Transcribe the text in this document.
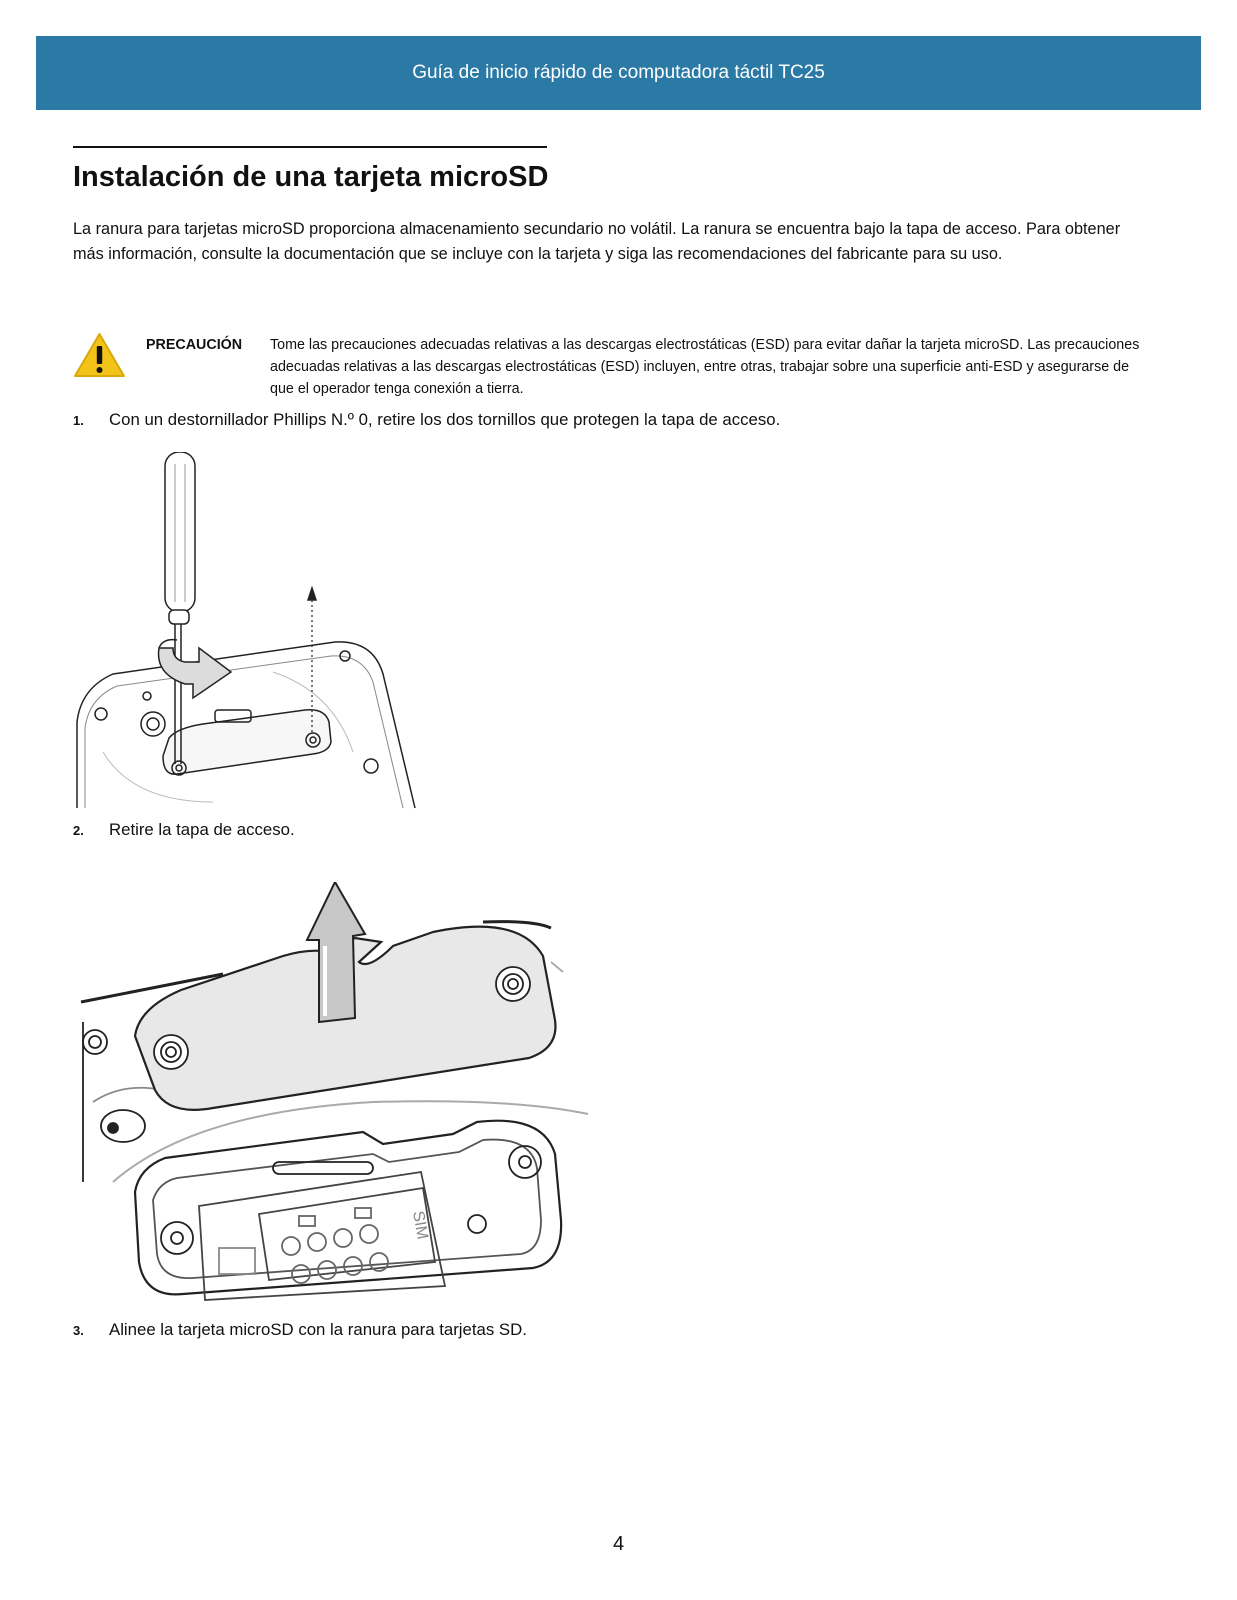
Guía de inicio rápido de computadora táctil TC25
Instalación de una tarjeta microSD

La ranura para tarjetas microSD proporciona almacenamiento secundario no volátil. La ranura se encuentra bajo la tapa de acceso. Para obtener más información, consulte la documentación que se incluye con la tarjeta y siga las recomendaciones del fabricante para su uso.

PRECAUCIÓN Tome las precauciones adecuadas relativas a las descargas electrostáticas (ESD) para evitar dañar la tarjeta microSD. Las precauciones adecuadas relativas a las descargas electrostáticas (ESD) incluyen, entre otras, trabajar sobre una superficie anti-ESD y asegurarse de que el operador tenga conexión a tierra.

1. Con un destornillador Phillips N.º 0, retire los dos tornillos que protegen la tapa de acceso.
2. Retire la tapa de acceso.
SIM
3. Alinee la tarjeta microSD con la ranura para tarjetas SD.
4
